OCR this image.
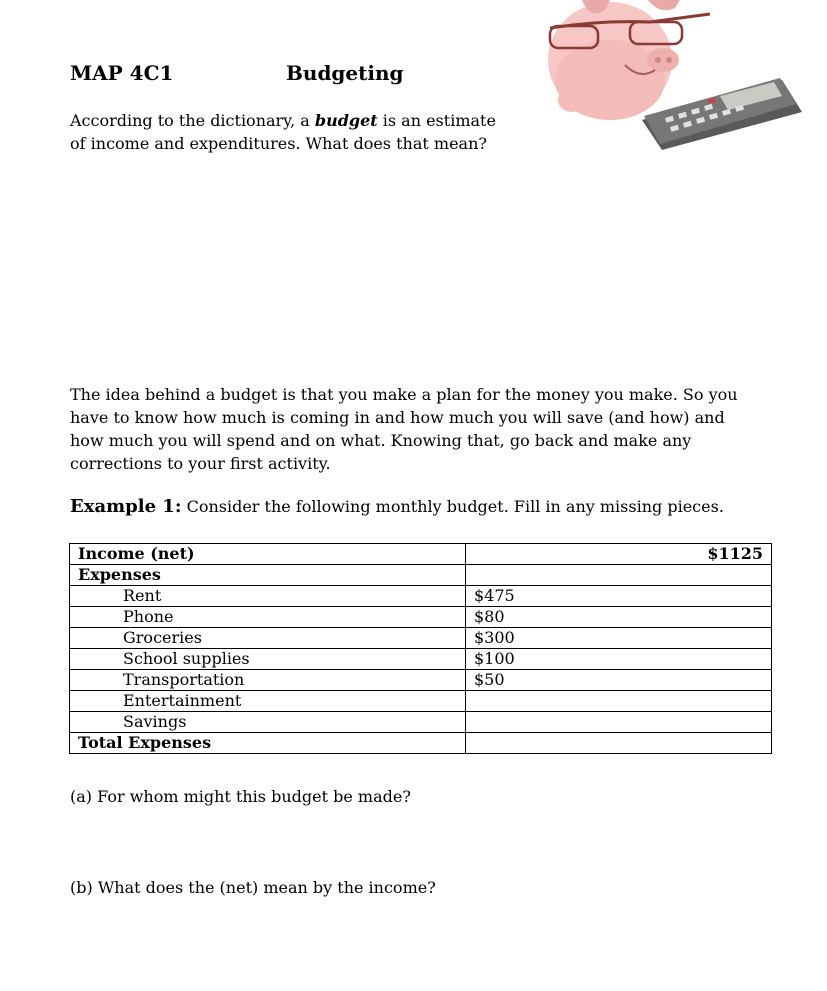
MAP 4C1	Budgeting
According to the dictionary, a budget is an estimate of income and expenditures. What does that mean?
The idea behind a budget is that you make a plan for the money you make. So you have to know how much is coming in and how much you will save (and how) and how much you will spend and on what. Knowing that, go back and make any corrections to your first activity.
Example 1: Consider the following monthly budget. Fill in any missing pieces.
Income (net)	$1125
Expenses	
Rent	$475
Phone	$80
Groceries	$300
School supplies	$100
Transportation	$50
Entertainment	
Savings	
Total Expenses	
(a) For whom might this budget be made?
(b) What does the (net) mean by the income?
